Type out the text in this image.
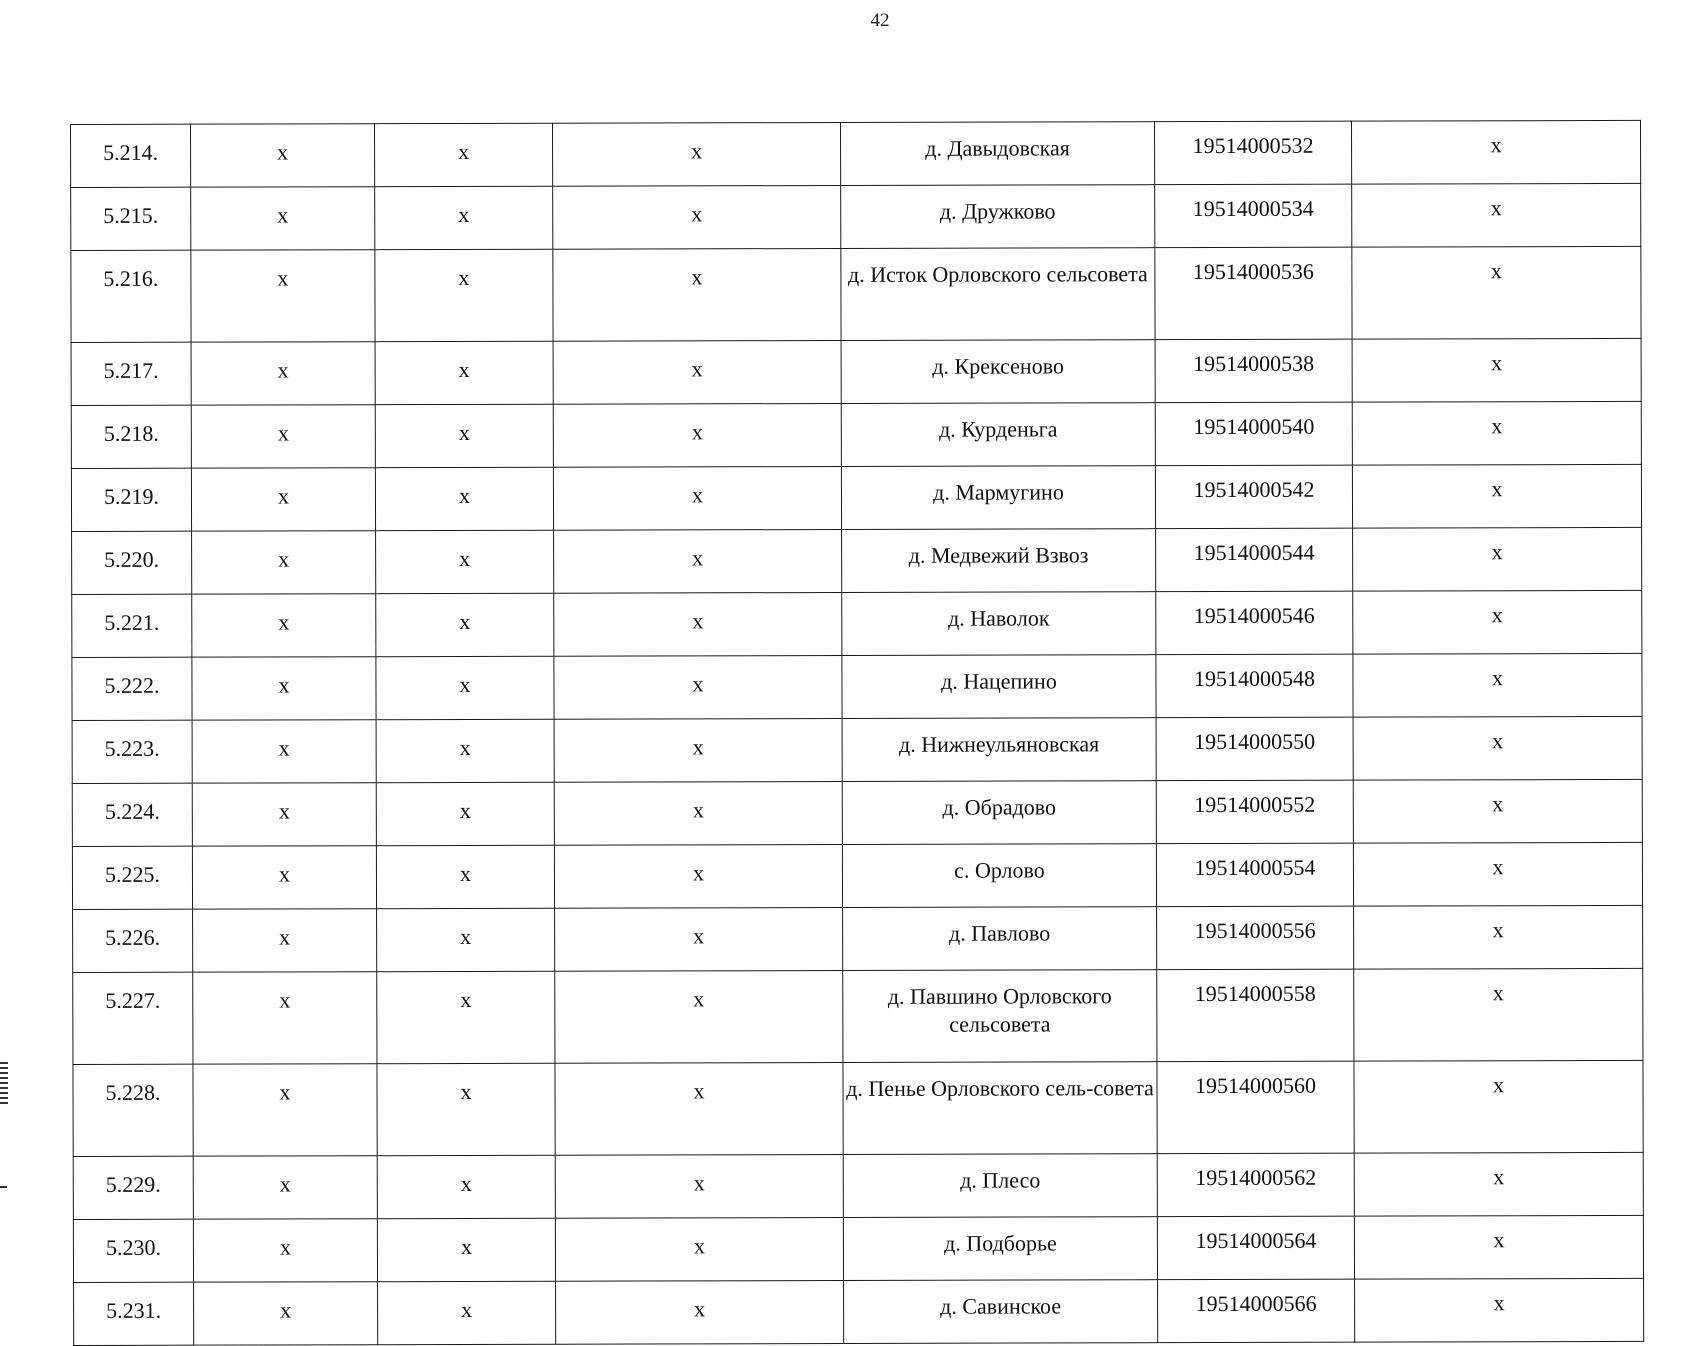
42
5.214.	х	х	х	д. Давыдовская	19514000532	х
5.215.	х	х	х	д. Дружково	19514000534	х
5.216.	х	х	х	д. Исток Орловского сельсовета	19514000536	х
5.217.	х	х	х	д. Крексеново	19514000538	х
5.218.	х	х	х	д. Курденьга	19514000540	х
5.219.	х	х	х	д. Мармугино	19514000542	х
5.220.	х	х	х	д. Медвежий Взвоз	19514000544	х
5.221.	х	х	х	д. Наволок	19514000546	х
5.222.	х	х	х	д. Нацепино	19514000548	х
5.223.	х	х	х	д. Нижнеульяновская	19514000550	х
5.224.	х	х	х	д. Обрадово	19514000552	х
5.225.	х	х	х	с. Орлово	19514000554	х
5.226.	х	х	х	д. Павлово	19514000556	х
5.227.	х	х	х	д. Павшино Орловского сельсовета	19514000558	х
5.228.	х	х	х	д. Пенье Орловского сель-совета	19514000560	х
5.229.	х	х	х	д. Плесо	19514000562	х
5.230.	х	х	х	д. Подборье	19514000564	х
5.231.	х	х	х	д. Савинское	19514000566	х
